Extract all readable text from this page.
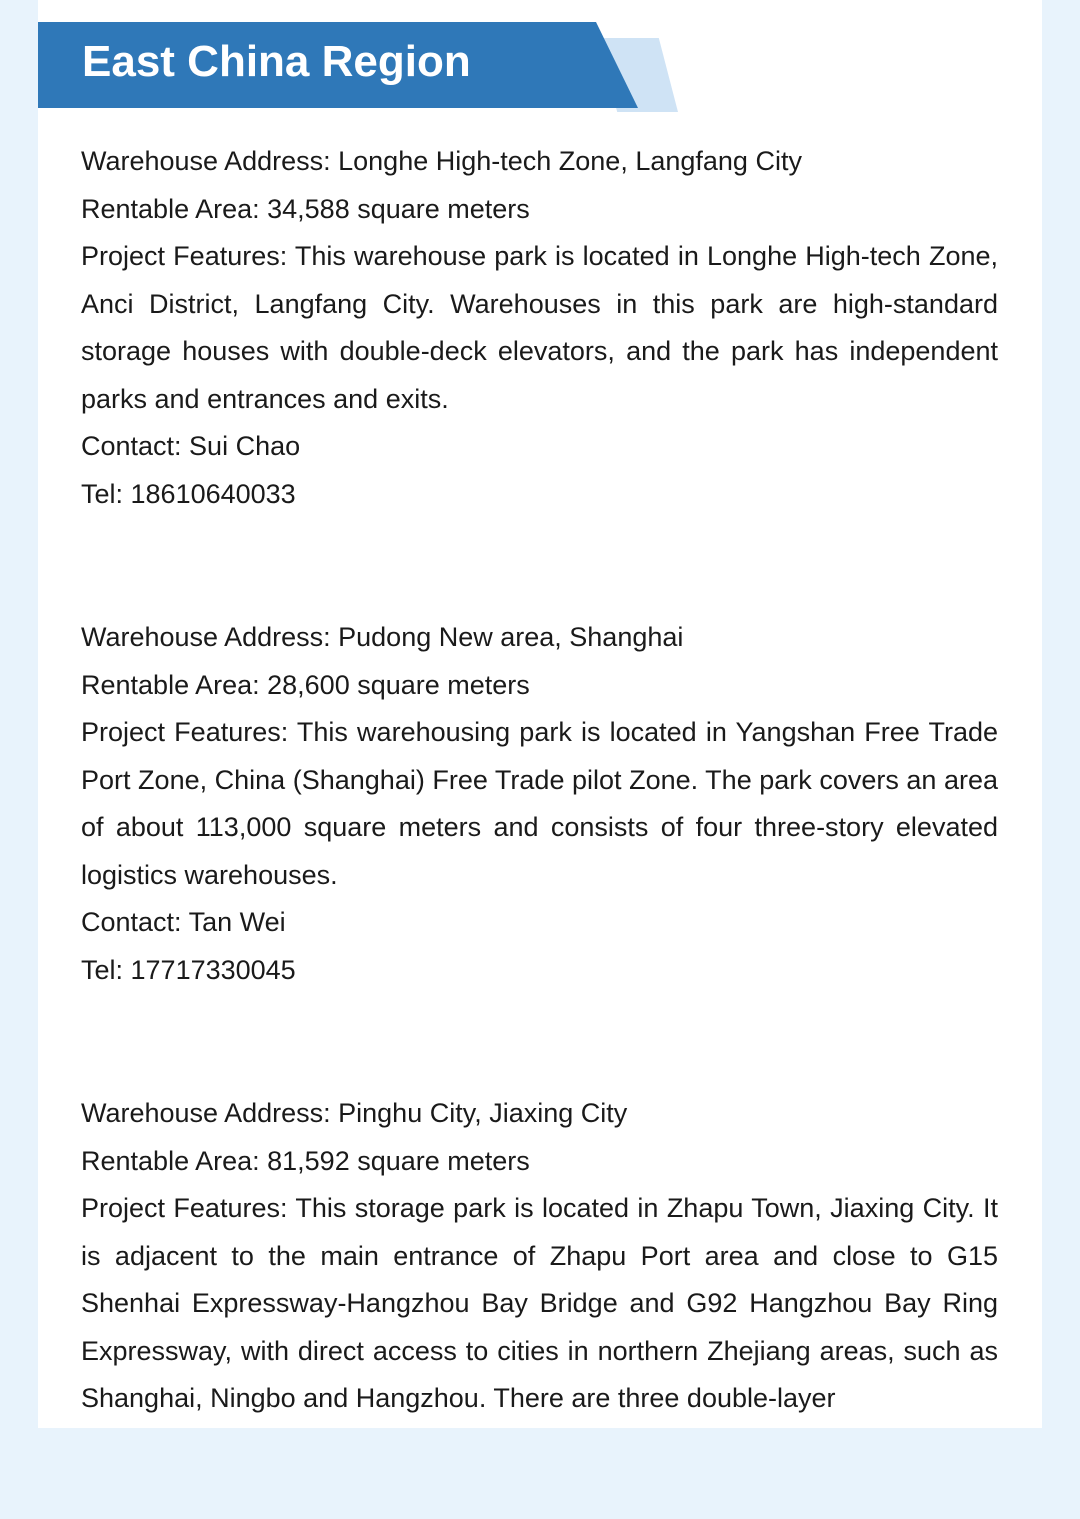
East China Region

Warehouse Address: Longhe High-tech Zone, Langfang City

Rentable Area: 34,588 square meters

Project Features: This warehouse park is located in Longhe High-tech Zone, Anci District, Langfang City. Warehouses in this park are high-standard storage houses with double-deck elevators, and the park has independent parks and entrances and exits.

Contact: Sui Chao

Tel: 18610640033

Warehouse Address: Pudong New area, Shanghai

Rentable Area: 28,600 square meters

Project Features: This warehousing park is located in Yangshan Free Trade Port Zone, China (Shanghai) Free Trade pilot Zone. The park covers an area of about 113,000 square meters and consists of four three-story elevated logistics warehouses.

Contact: Tan Wei

Tel: 17717330045

Warehouse Address: Pinghu City, Jiaxing City

Rentable Area: 81,592 square meters

Project Features: This storage park is located in Zhapu Town, Jiaxing City. It is adjacent to the main entrance of Zhapu Port area and close to G15 Shenhai Expressway-Hangzhou Bay Bridge and G92 Hangzhou Bay Ring Expressway, with direct access to cities in northern Zhejiang areas, such as Shanghai, Ningbo and Hangzhou. There are three double-layer
